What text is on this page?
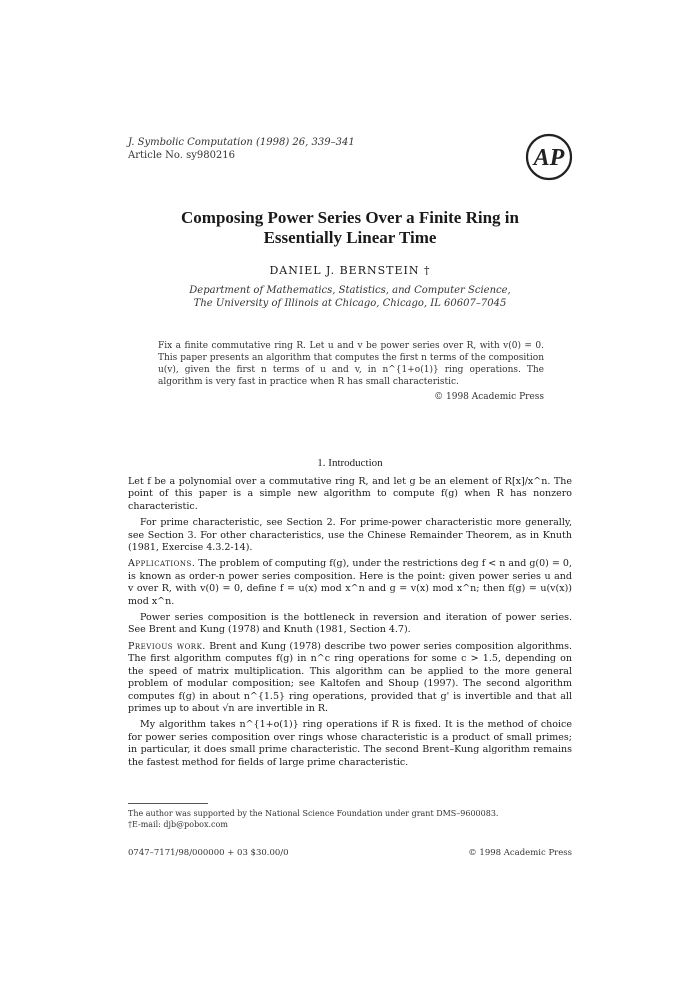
J. Symbolic Computation (1998) 26, 339–341
Article No. sy980216	AP
Composing Power Series Over a Finite Ring in
Essentially Linear Time
DANIEL J. BERNSTEIN †
Department of Mathematics, Statistics, and Computer Science,
The University of Illinois at Chicago, Chicago, IL 60607–7045
Fix a finite commutative ring R. Let u and v be power series over R, with v(0) = 0. This paper presents an algorithm that computes the first n terms of the composition u(v), given the first n terms of u and v, in n^{1+o(1)} ring operations. The algorithm is very fast in practice when R has small characteristic.
© 1998 Academic Press
1. Introduction

Let f be a polynomial over a commutative ring R, and let g be an element of R[x]/x^n. The point of this paper is a simple new algorithm to compute f(g) when R has nonzero characteristic.

For prime characteristic, see Section 2. For prime-power characteristic more generally, see Section 3. For other characteristics, use the Chinese Remainder Theorem, as in Knuth (1981, Exercise 4.3.2-14).

Applications. The problem of computing f(g), under the restrictions deg f < n and g(0) = 0, is known as order-n power series composition. Here is the point: given power series u and v over R, with v(0) = 0, define f = u(x) mod x^n and g = v(x) mod x^n; then f(g) = u(v(x)) mod x^n.

Power series composition is the bottleneck in reversion and iteration of power series. See Brent and Kung (1978) and Knuth (1981, Section 4.7).

Previous work. Brent and Kung (1978) describe two power series composition algorithms. The first algorithm computes f(g) in n^c ring operations for some c > 1.5, depending on the speed of matrix multiplication. This algorithm can be applied to the more general problem of modular composition; see Kaltofen and Shoup (1997). The second algorithm computes f(g) in about n^{1.5} ring operations, provided that g' is invertible and that all primes up to about √n are invertible in R.

My algorithm takes n^{1+o(1)} ring operations if R is fixed. It is the method of choice for power series composition over rings whose characteristic is a product of small primes; in particular, it does small prime characteristic. The second Brent–Kung algorithm remains the fastest method for fields of large prime characteristic.

The author was supported by the National Science Foundation under grant DMS–9600083.
†E-mail: djb@pobox.com
0747–7171/98/000000 + 03 $30.00/0	© 1998 Academic Press
